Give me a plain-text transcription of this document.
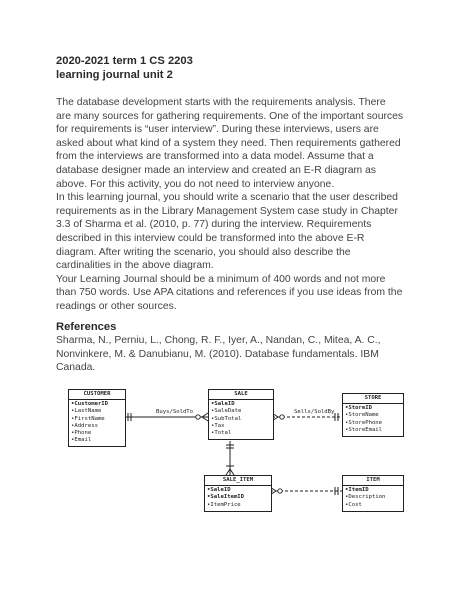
2020-2021 term 1 CS 2203
learning journal unit 2
The database development starts with the requirements analysis. There
are many sources for gathering requirements. One of the important sources
for requirements is “user interview”. During these interviews, users are
asked about what kind of a system they need. Then requirements gathered
from the interviews are transformed into a data model. Assume that a
database designer made an interview and created an E-R diagram as
above. For this activity, you do not need to interview anyone.
In this learning journal, you should write a scenario that the user described
requirements as in the Library Management System case study in Chapter
3.3 of Sharma et al. (2010, p. 77) during the interview. Requirements
described in this interview could be transformed into the above E-R
diagram. After writing the scenario, you should also describe the
cardinalities in the above diagram.
Your Learning Journal should be a minimum of 400 words and not more
than 750 words. Use APA citations and references if you use ideas from the
readings or other sources.
References
Sharma, N., Perniu, L., Chong, R. F., Iyer, A., Nandan, C., Mitea, A. C.,
Nonvinkere, M. & Danubianu, M. (2010). Database fundamentals. IBM
Canada.
Buys/SoldTo	Sells/SoldBy
CUSTOMER
•CustomerID
•LastName
•FirstName
•Address
•Phone
•Email
SALE
•SaleID
•SaleDate
•SubTotal
•Tax
•Total
STORE
•StoreID
•StoreName
•StorePhone
•StoreEmail
SALE_ITEM
•SaleID
•SaleItemID
•ItemPrice
ITEM
•ItemID
•Description
•Cost
